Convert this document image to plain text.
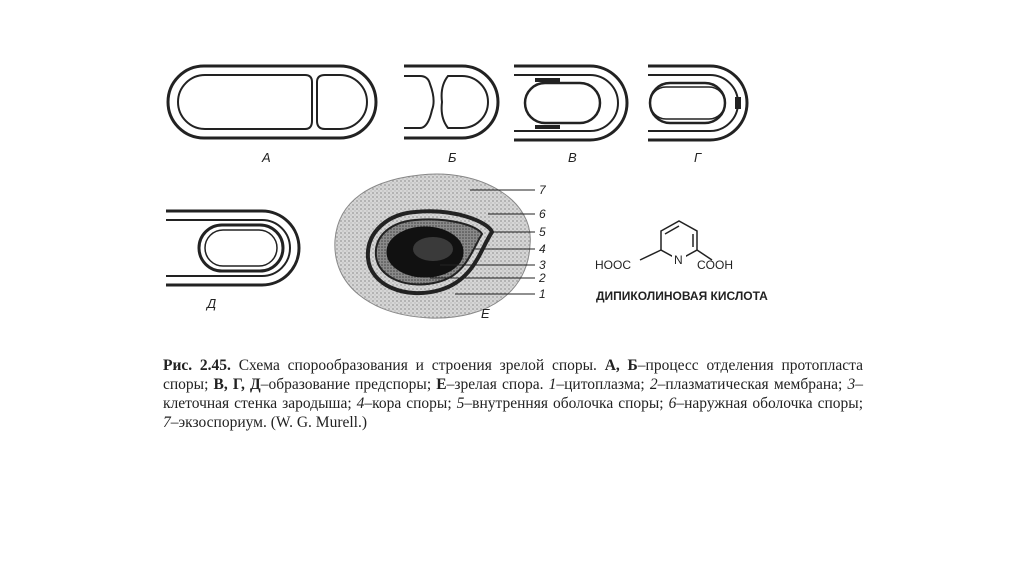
7
6
5
4
3
2
1
А	Б	В	Г
Д
Е
N
HOOC	COOH
ДИПИКОЛИНОВАЯ КИСЛОТА
Рис. 2.45. Схема спорообразования и строения зрелой споры. А, Б–процесс отделения протопласта споры; В, Г, Д–образование предспоры; Е–зрелая спора. 1–цитоплазма; 2–плазматическая мембрана; 3–клеточная стенка зародыша; 4–кора споры; 5–внутренняя оболочка споры; 6–наружная оболочка споры; 7–экзоспориум. (W. G. Murell.)
